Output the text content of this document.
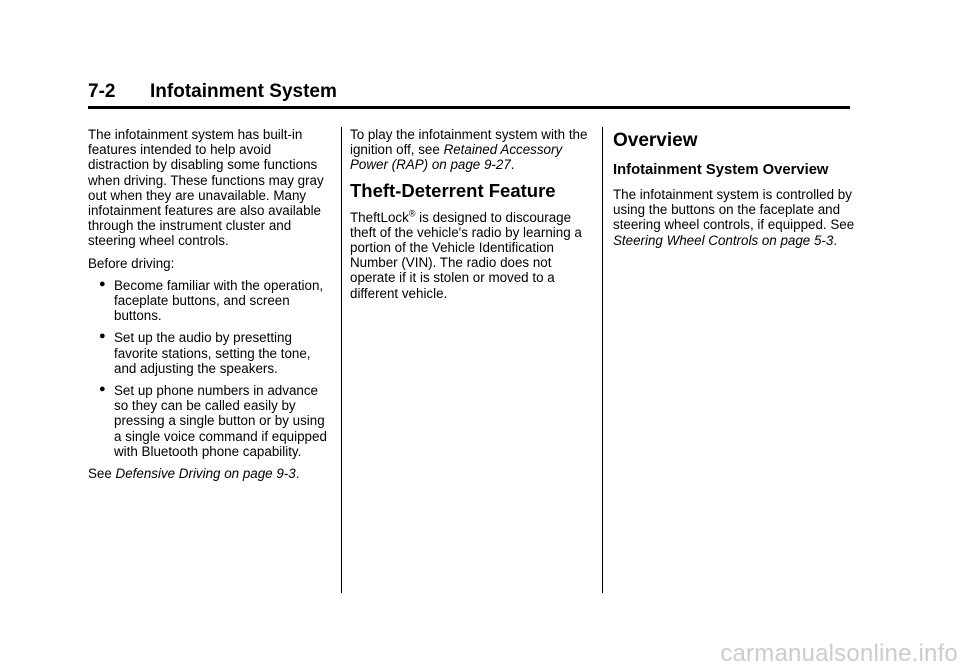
7-2 Infotainment System

The infotainment system has built-in features intended to help avoid distraction by disabling some functions when driving. These functions may gray out when they are unavailable. Many infotainment features are also available through the instrument cluster and steering wheel controls.

Before driving:

● Become familiar with the operation, faceplate buttons, and screen buttons.
● Set up the audio by presetting favorite stations, setting the tone, and adjusting the speakers.
● Set up phone numbers in advance so they can be called easily by pressing a single button or by using a single voice command if equipped with Bluetooth phone capability.

See Defensive Driving on page 9-3.

To play the infotainment system with the ignition off, see Retained Accessory Power (RAP) on page 9-27.

Theft-Deterrent Feature

TheftLock® is designed to discourage theft of the vehicle's radio by learning a portion of the Vehicle Identification Number (VIN). The radio does not operate if it is stolen or moved to a different vehicle.

Overview
Infotainment System Overview

The infotainment system is controlled by using the buttons on the faceplate and steering wheel controls, if equipped. See Steering Wheel Controls on page 5-3.

carmanualsonline.info
